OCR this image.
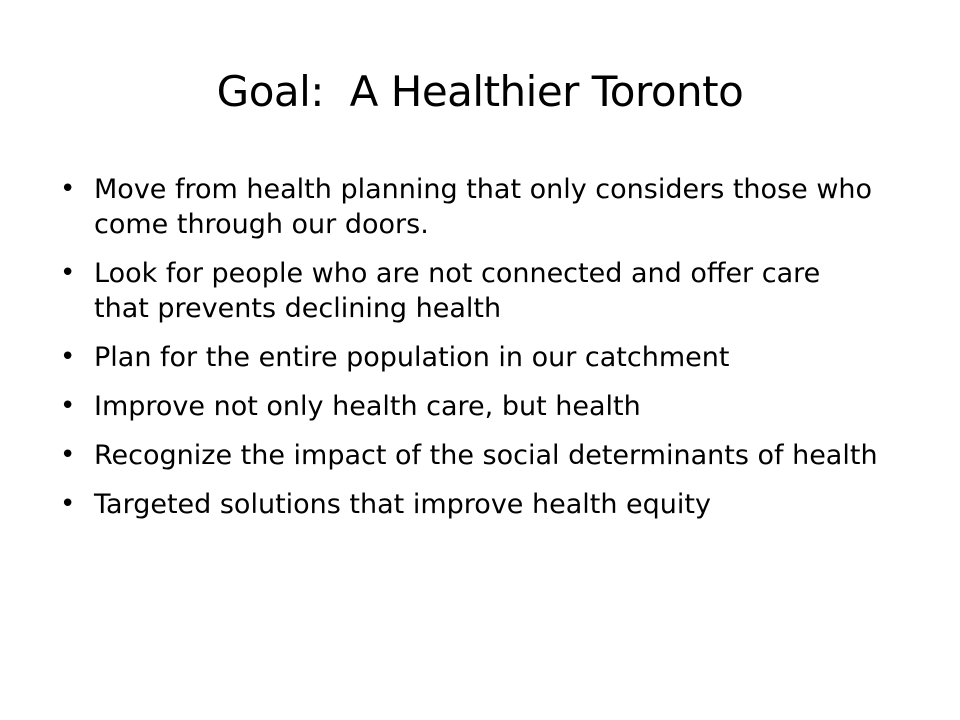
Goal:  A Healthier Toronto
• Move from health planning that only considers those who come through our doors.
• Look for people who are not connected and offer care that prevents declining health
• Plan for the entire population in our catchment
• Improve not only health care, but health
• Recognize the impact of the social determinants of health
• Targeted solutions that improve health equity
